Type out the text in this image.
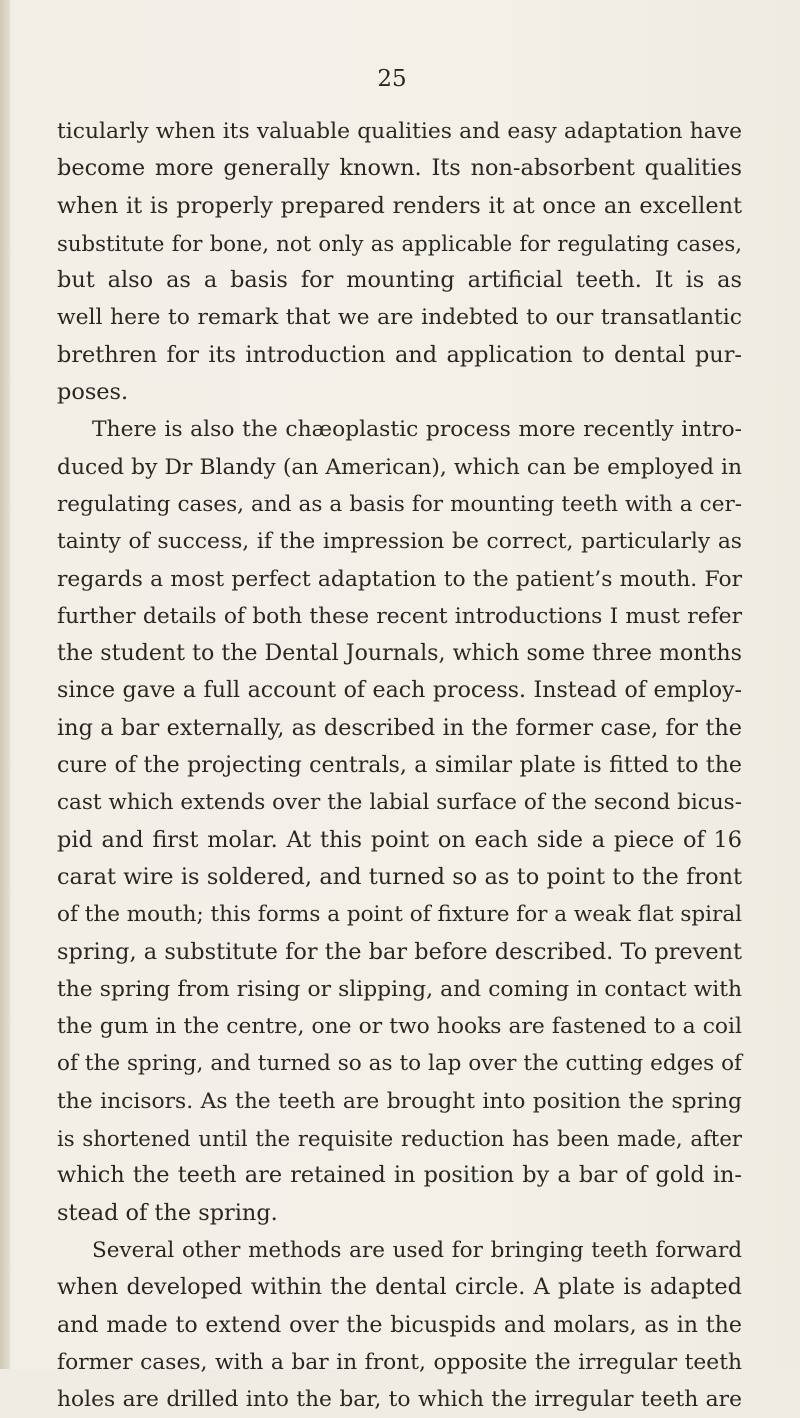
25
ticularly when its valuable qualities and easy adaptation have
become more generally known. Its non-absorbent qualities
when it is properly prepared renders it at once an excellent
substitute for bone, not only as applicable for regulating cases,
but also as a basis for mounting artificial teeth. It is as
well here to remark that we are indebted to our transatlantic
brethren for its introduction and application to dental pur-
poses.
There is also the chæoplastic process more recently intro-
duced by Dr Blandy (an American), which can be employed in
regulating cases, and as a basis for mounting teeth with a cer-
tainty of success, if the impression be correct, particularly as
regards a most perfect adaptation to the patient’s mouth. For
further details of both these recent introductions I must refer
the student to the Dental Journals, which some three months
since gave a full account of each process. Instead of employ-
ing a bar externally, as described in the former case, for the
cure of the projecting centrals, a similar plate is fitted to the
cast which extends over the labial surface of the second bicus-
pid and first molar. At this point on each side a piece of 16
carat wire is soldered, and turned so as to point to the front
of the mouth; this forms a point of fixture for a weak flat spiral
spring, a substitute for the bar before described. To prevent
the spring from rising or slipping, and coming in contact with
the gum in the centre, one or two hooks are fastened to a coil
of the spring, and turned so as to lap over the cutting edges of
the incisors. As the teeth are brought into position the spring
is shortened until the requisite reduction has been made, after
which the teeth are retained in position by a bar of gold in-
stead of the spring.
Several other methods are used for bringing teeth forward
when developed within the dental circle. A plate is adapted
and made to extend over the bicuspids and molars, as in the
former cases, with a bar in front, opposite the irregular teeth
holes are drilled into the bar, to which the irregular teeth are
